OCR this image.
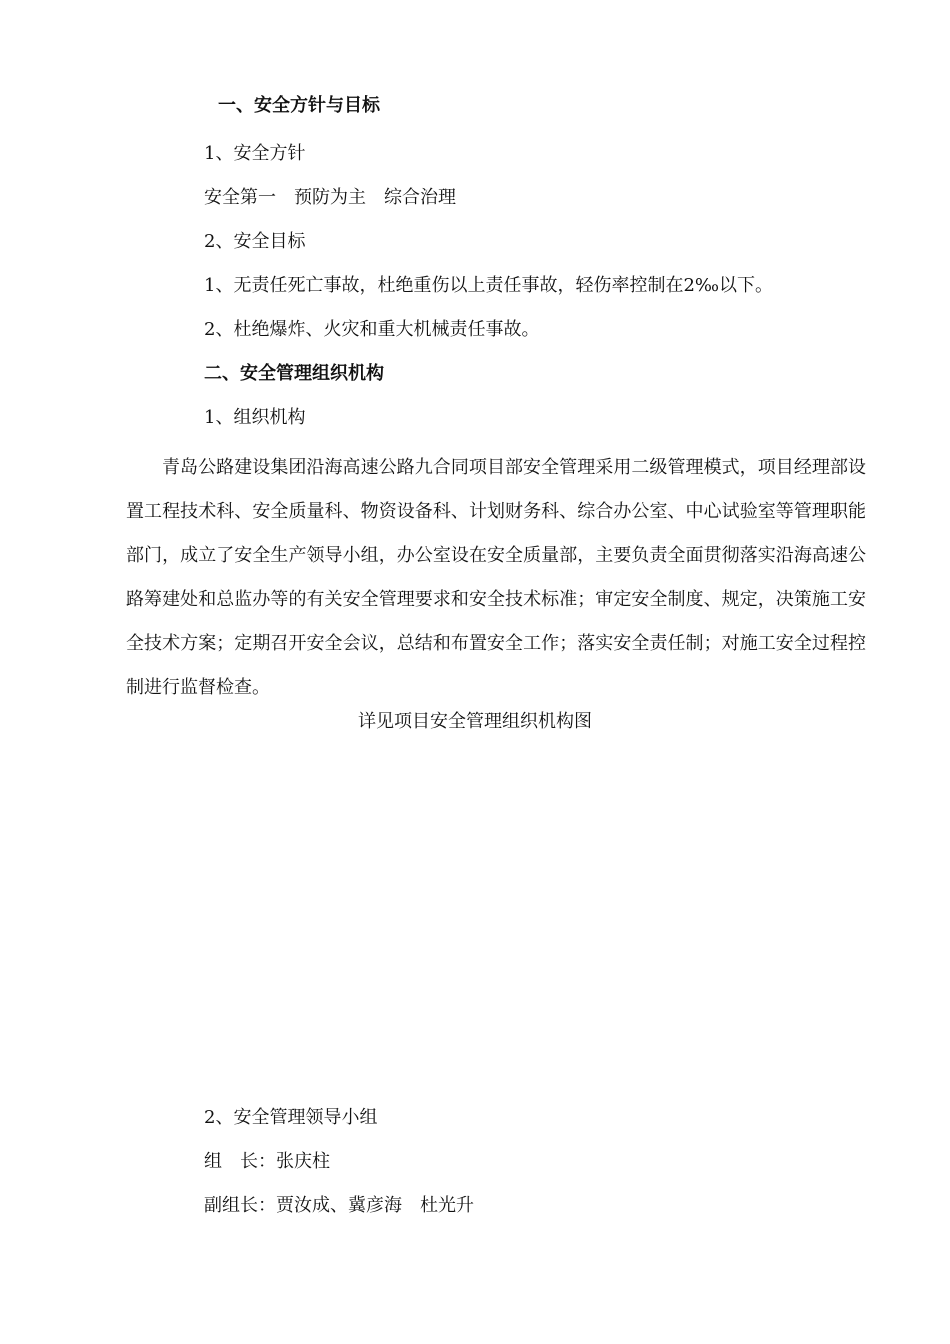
一、安全方针与目标
1、安全方针
安全第一　预防为主　综合治理
2、安全目标
1、无责任死亡事故，杜绝重伤以上责任事故，轻伤率控制在2‰以下。
2、杜绝爆炸、火灾和重大机械责任事故。
二、安全管理组织机构
1、组织机构
青岛公路建设集团沿海高速公路九合同项目部安全管理采用二级管理模式，项目经理部设置工程技术科、安全质量科、物资设备科、计划财务科、综合办公室、中心试验室等管理职能部门，成立了安全生产领导小组，办公室设在安全质量部，主要负责全面贯彻落实沿海高速公路筹建处和总监办等的有关安全管理要求和安全技术标准；审定安全制度、规定，决策施工安全技术方案；定期召开安全会议，总结和布置安全工作；落实安全责任制；对施工安全过程控制进行监督检查。
详见项目安全管理组织机构图
2、安全管理领导小组
组　长：张庆柱
副组长：贾汝成、冀彦海　杜光升
